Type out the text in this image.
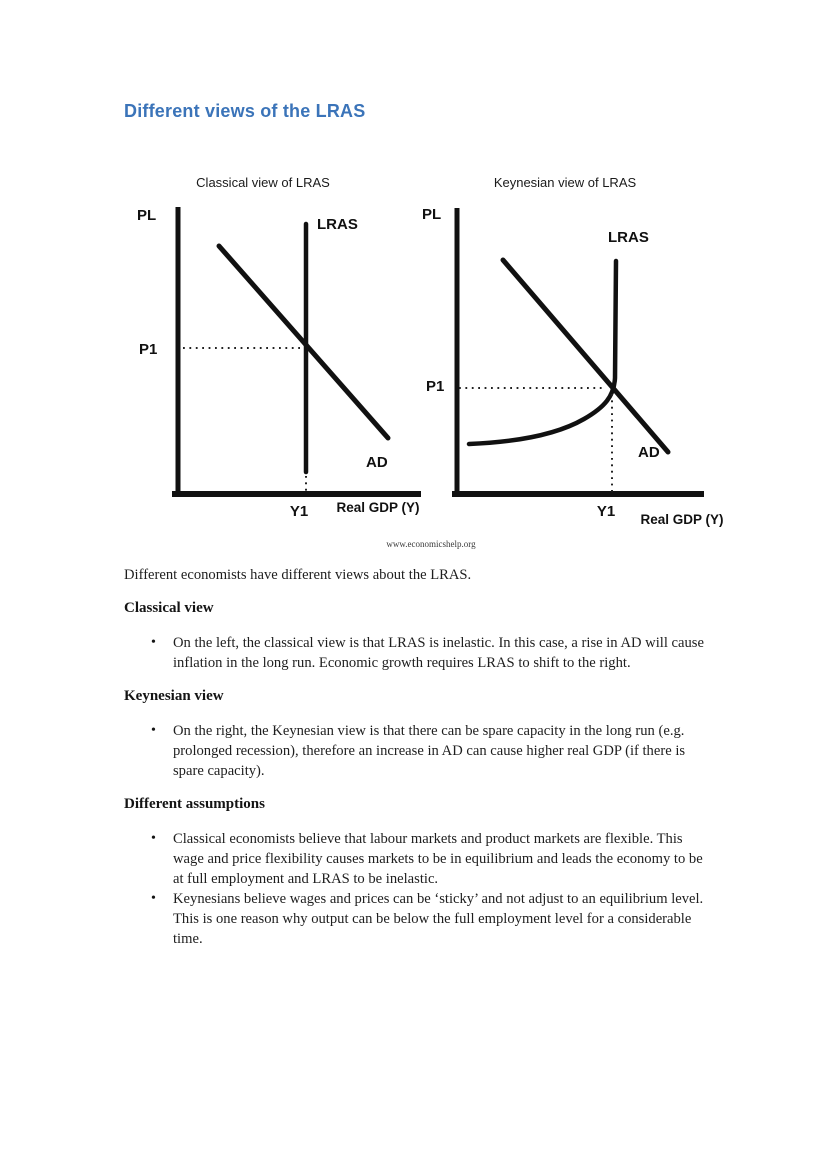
Different views of the LRAS
Classical view of LRAS
PL
Real GDP (Y)
LRAS
AD
P1
Y1
Keynesian view of LRAS
PL
Real GDP (Y)
LRAS
AD
P1
Y1
www.economicshelp.org

Different economists have different views about the LRAS.

Classical view
• On the left, the classical view is that LRAS is inelastic. In this case, a rise in AD will cause inflation in the long run. Economic growth requires LRAS to shift to the right.
Keynesian view
• On the right, the Keynesian view is that there can be spare capacity in the long run (e.g. prolonged recession), therefore an increase in AD can cause higher real GDP (if there is spare capacity).
Different assumptions
• Classical economists believe that labour markets and product markets are flexible. This wage and price flexibility causes markets to be in equilibrium and leads the economy to be at full employment and LRAS to be inelastic.
• Keynesians believe wages and prices can be ‘sticky’ and not adjust to an equilibrium level. This is one reason why output can be below the full employment level for a considerable time.
